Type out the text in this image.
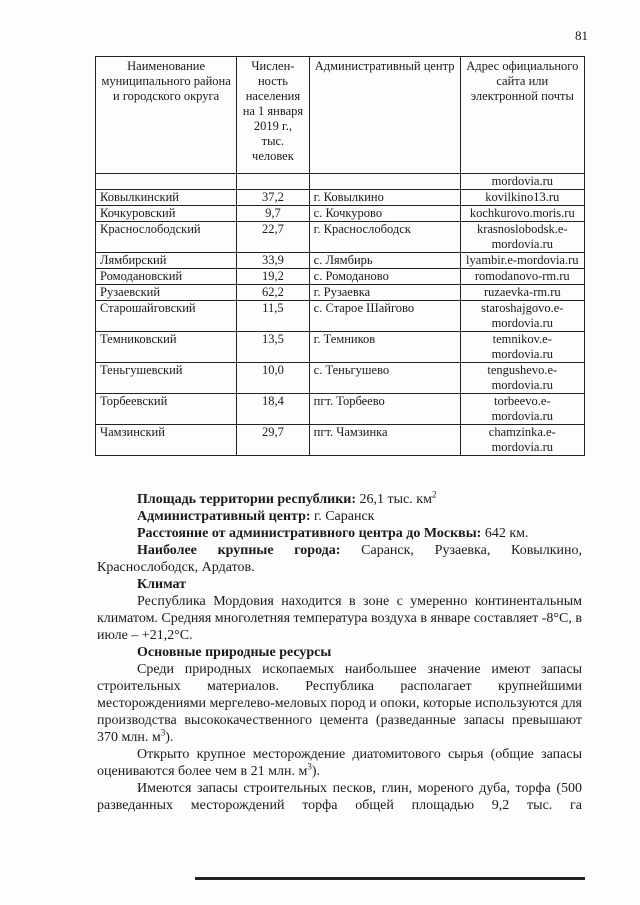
81
Наименование муниципального района и городского округа	Числен-ность населения на 1 января 2019 г., тыс. человек	Административный центр	Адрес официального сайта или электронной почты
			mordovia.ru
Ковылкинский	37,2	г. Ковылкино	kovilkino13.ru
Кочкуровский	9,7	с. Кочкурово	kochkurovo.moris.ru
Краснослободский	22,7	г. Краснослободск	krasnoslobodsk.e-mordovia.ru
Лямбирский	33,9	с. Лямбирь	lyambir.e-mordovia.ru
Ромодановский	19,2	с. Ромоданово	romodanovo-rm.ru
Рузаевский	62,2	г. Рузаевка	ruzaevka-rm.ru
Старошайговский	11,5	с. Старое Шайгово	staroshajgovo.e-mordovia.ru
Темниковский	13,5	г. Темников	temnikov.e-mordovia.ru
Теньгушевский	10,0	с. Теньгушево	tengushevo.e-mordovia.ru
Торбеевский	18,4	пгт. Торбеево	torbeevo.e-mordovia.ru
Чамзинский	29,7	пгт. Чамзинка	chamzinka.e-mordovia.ru

Площадь территории республики: 26,1 тыс. $км^2$

Административный центр: г. Саранск

Расстояние от административного центра до Москвы: 642 км.

Наиболее крупные города: Саранск, Рузаевка, Ковылкино,

Краснослободск, Ардатов.

Климат

Республика Мордовия находится в зоне с умеренно континентальным климатом. Средняя многолетняя температура воздуха в январе составляет -8°С, в июле – +21,2°С.

Основные природные ресурсы

Среди природных ископаемых наибольшее значение имеют запасы строительных материалов. Республика располагает крупнейшими месторождениями мергелево-меловых пород и опоки, которые используются для производства высококачественного цемента (разведанные запасы превышают 370 млн. $м^3$).

Открыто крупное месторождение диатомитового сырья (общие запасы оцениваются более чем в 21 млн. $м^3$).

Имеются запасы строительных песков, глин, мореного дуба, торфа (500 разведанных месторождений торфа общей площадью 9,2 тыс. га
